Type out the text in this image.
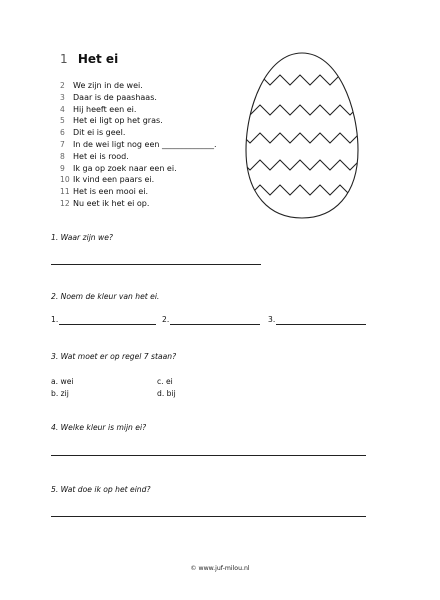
1 Het ei
2 We zijn in de wei.
3 Daar is de paashaas.
4 Hij heeft een ei.
5 Het ei ligt op het gras.
6 Dit ei is geel.
7 In de wei ligt nog een _____________.
8 Het ei is rood.
9 Ik ga op zoek naar een ei.
10 Ik vind een paars ei.
11 Het is een mooi ei.
12 Nu eet ik het ei op.
1. Waar zijn we?
2. Noem de kleur van het ei.
1.	2.	3.
3. Wat moet er op regel 7 staan?
a. wei	c. ei
b. zij	d. bij
4. Welke kleur is mijn ei?
5. Wat doe ik op het eind?
© www.juf-milou.nl
